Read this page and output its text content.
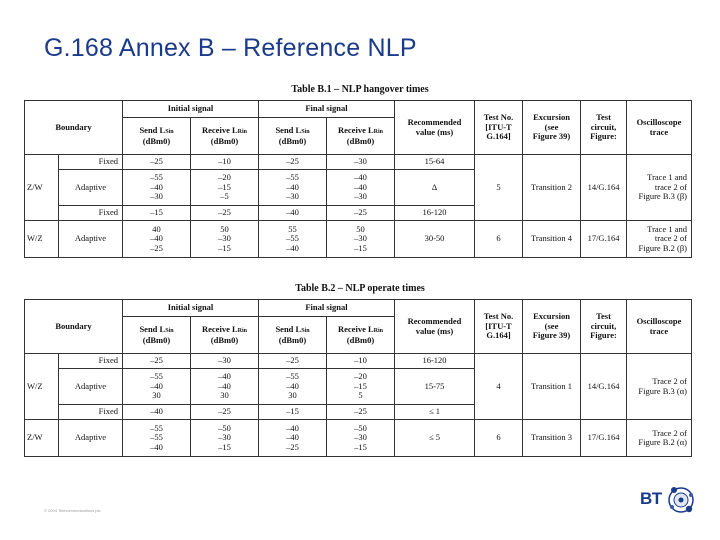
G.168 Annex B – Reference NLP
Table B.1 – NLP hangover times
Boundary		Initial signal		Final signal		Recommended
value (ms)	Test No.
[ITU-T
G.164]	Excursion
(see
Figure 39)	Test
circuit,
Figure:	Oscilloscope
trace
		Send LSin
(dBm0)	Receive LRin
(dBm0)	Send LSin
(dBm0)	Receive LRin
(dBm0)					
Z/W	Fixed	–25	–10	–25	–30	15-64	5	Transition 2	14/G.164	Trace 1 and
trace 2 of
Figure B.3 (β)
	Adaptive	–55
–40
–30	–20
–15
–5	–55
–40
–30	–40
–40
–30	Δ				
	Fixed	–15	–25	–40	–25	16-120				
W/Z	Adaptive	40
–40
–25	50
–30
–15	55
–55
–40	50
–30
–15	30-50	6	Transition 4	17/G.164	Trace 1 and
trace 2 of
Figure B.2 (β)
Table B.2 – NLP operate times
Boundary		Initial signal		Final signal		Recommended
value (ms)	Test No.
[ITU-T
G.164]	Excursion
(see
Figure 39)	Test
circuit,
Figure:	Oscilloscope
trace
		Send LSin
(dBm0)	Receive LRin
(dBm0)	Send LSin
(dBm0)	Receive LRin
(dBm0)					
W/Z	Fixed	–25	–30	–25	–10	16-120	4	Transition 1	14/G.164	Trace 2 of
Figure B.3 (α)
	Adaptive	–55
–40
30	–40
–40
30	–55
–40
30	–20
–15
5	15-75				
	Fixed	–40	–25	–15	–25	≤ 1				
Z/W	Adaptive	–55
–55
–40	–50
–30
–15	–40
–40
–25	–50
–30
–15	≤ 5	6	Transition 3	17/G.164	Trace 2 of
Figure B.2 (α)
© 2004 Telecommunications plc
BT
